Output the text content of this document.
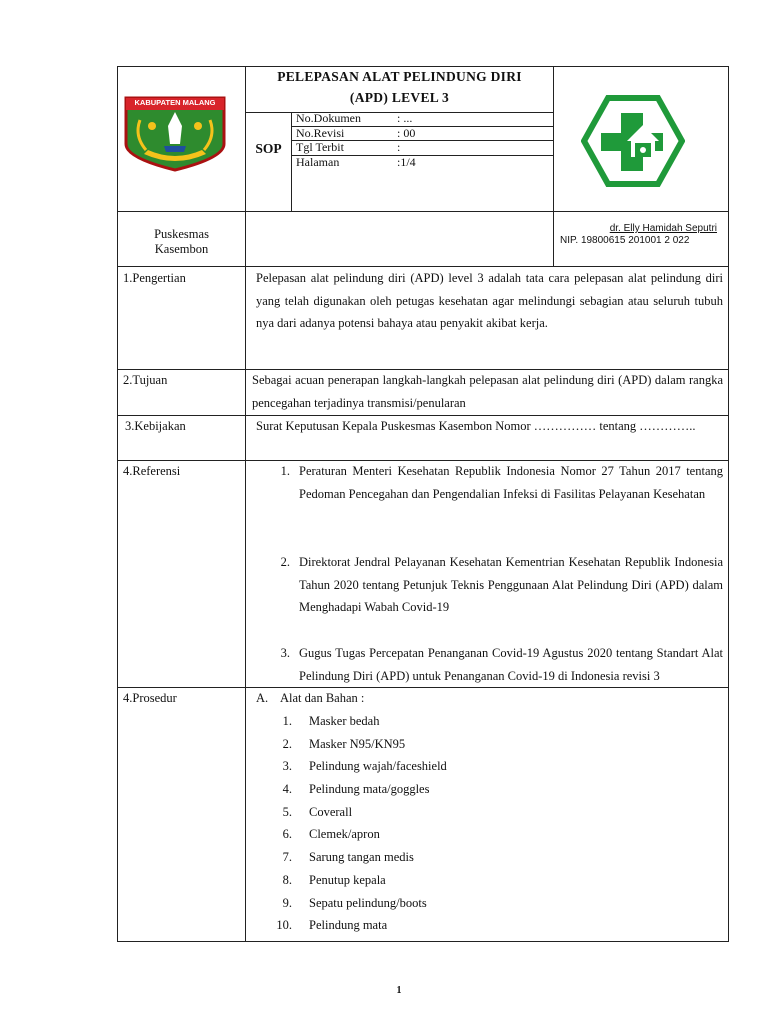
KABUPATEN MALANG
PELEPASAN ALAT PELINDUNG DIRI
(APD) LEVEL 3
SOP
No.Dokumen	: ...
No.Revisi	: 00
Tgl Terbit	:
Halaman	:1/4
Puskesmas
Kasembon
dr. Elly Hamidah Seputri
NIP. 19800615 201001 2 022
1.Pengertian	Pelepasan alat pelindung diri (APD) level 3 adalah tata cara pelepasan alat pelindung diri yang telah digunakan oleh petugas kesehatan agar melindungi sebagian atau seluruh tubuh nya dari adanya potensi bahaya atau penyakit akibat kerja.
2.Tujuan	Sebagai acuan penerapan langkah-langkah pelepasan alat pelindung diri (APD) dalam rangka pencegahan terjadinya transmisi/penularan
3.Kebijakan	Surat Keputusan Kepala Puskesmas Kasembon Nomor …………… tentang …………..
4.Referensi	1. Peraturan Menteri Kesehatan Republik Indonesia Nomor 27 Tahun 2017 tentang Pedoman Pencegahan dan Pengendalian Infeksi di Fasilitas Pelayanan Kesehatan
2. Direktorat Jendral Pelayanan Kesehatan Kementrian Kesehatan Republik Indonesia Tahun 2020 tentang Petunjuk Teknis Penggunaan Alat Pelindung Diri (APD) dalam Menghadapi Wabah Covid-19
3. Gugus Tugas Percepatan Penanganan Covid-19 Agustus 2020 tentang Standart Alat Pelindung Diri (APD) untuk Penanganan Covid-19 di Indonesia revisi 3
4.Prosedur	A. Alat dan Bahan :
1. Masker bedah
2. Masker N95/KN95
3. Pelindung wajah/faceshield
4. Pelindung mata/goggles
5. Coverall
6. Clemek/apron
7. Sarung tangan medis
8. Penutup kepala
9. Sepatu pelindung/boots
10. Pelindung mata
1
